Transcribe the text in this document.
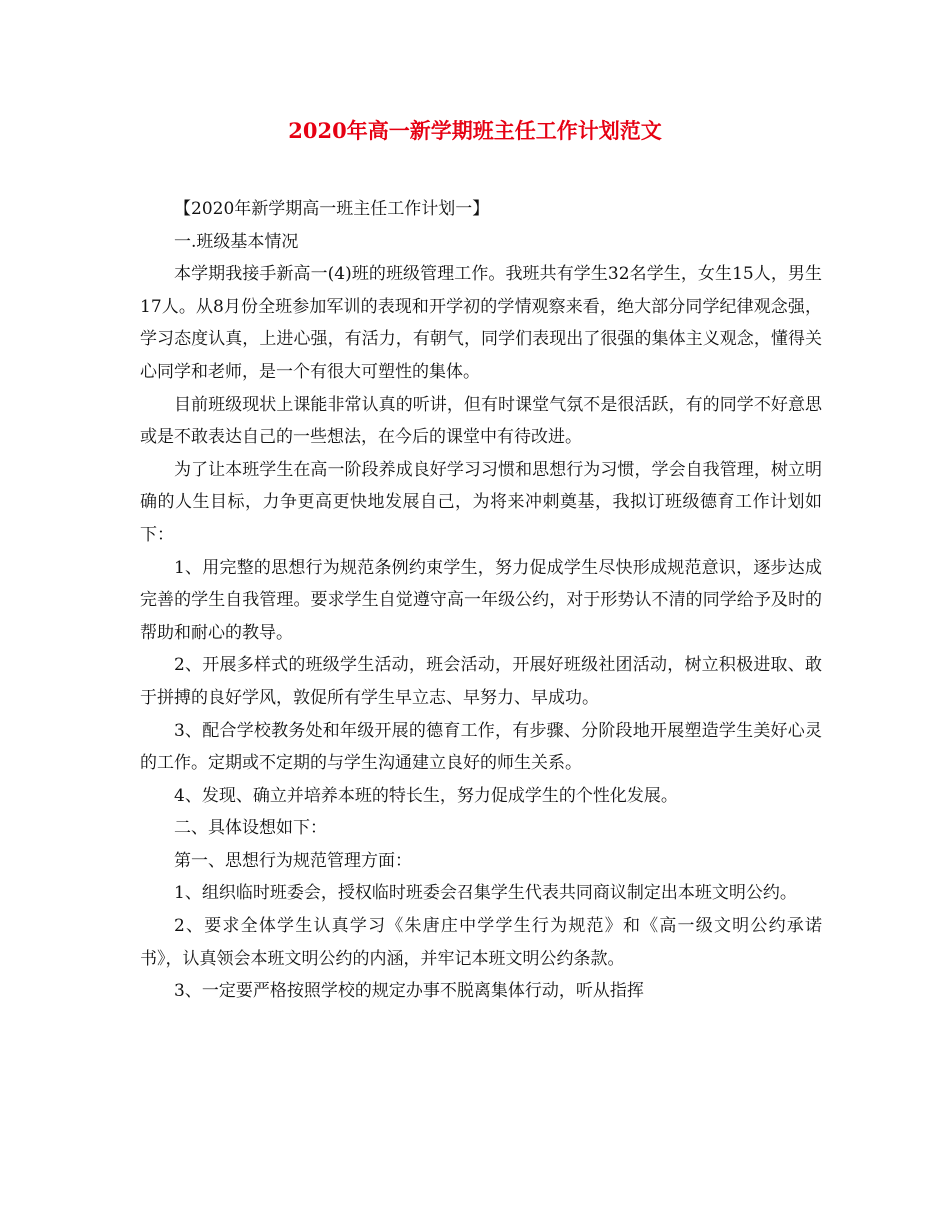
2020年高一新学期班主任工作计划范文

【2020年新学期高一班主任工作计划一】

一.班级基本情况

本学期我接手新高一(4)班的班级管理工作。我班共有学生32名学生，女生15人，男生17人。从8月份全班参加军训的表现和开学初的学情观察来看，绝大部分同学纪律观念强，学习态度认真，上进心强，有活力，有朝气，同学们表现出了很强的集体主义观念，懂得关心同学和老师，是一个有很大可塑性的集体。

目前班级现状上课能非常认真的听讲，但有时课堂气氛不是很活跃，有的同学不好意思或是不敢表达自己的一些想法，在今后的课堂中有待改进。

为了让本班学生在高一阶段养成良好学习习惯和思想行为习惯，学会自我管理，树立明确的人生目标，力争更高更快地发展自己，为将来冲刺奠基，我拟订班级德育工作计划如下：

1、用完整的思想行为规范条例约束学生，努力促成学生尽快形成规范意识，逐步达成完善的学生自我管理。要求学生自觉遵守高一年级公约，对于形势认不清的同学给予及时的帮助和耐心的教导。

2、开展多样式的班级学生活动，班会活动，开展好班级社团活动，树立积极进取、敢于拼搏的良好学风，敦促所有学生早立志、早努力、早成功。

3、配合学校教务处和年级开展的德育工作，有步骤、分阶段地开展塑造学生美好心灵的工作。定期或不定期的与学生沟通建立良好的师生关系。

4、发现、确立并培养本班的特长生，努力促成学生的个性化发展。

二、具体设想如下：

第一、思想行为规范管理方面：

1、组织临时班委会，授权临时班委会召集学生代表共同商议制定出本班文明公约。

2、要求全体学生认真学习《朱唐庄中学学生行为规范》和《高一级文明公约承诺书》，认真领会本班文明公约的内涵，并牢记本班文明公约条款。

3、一定要严格按照学校的规定办事不脱离集体行动，听从指挥
